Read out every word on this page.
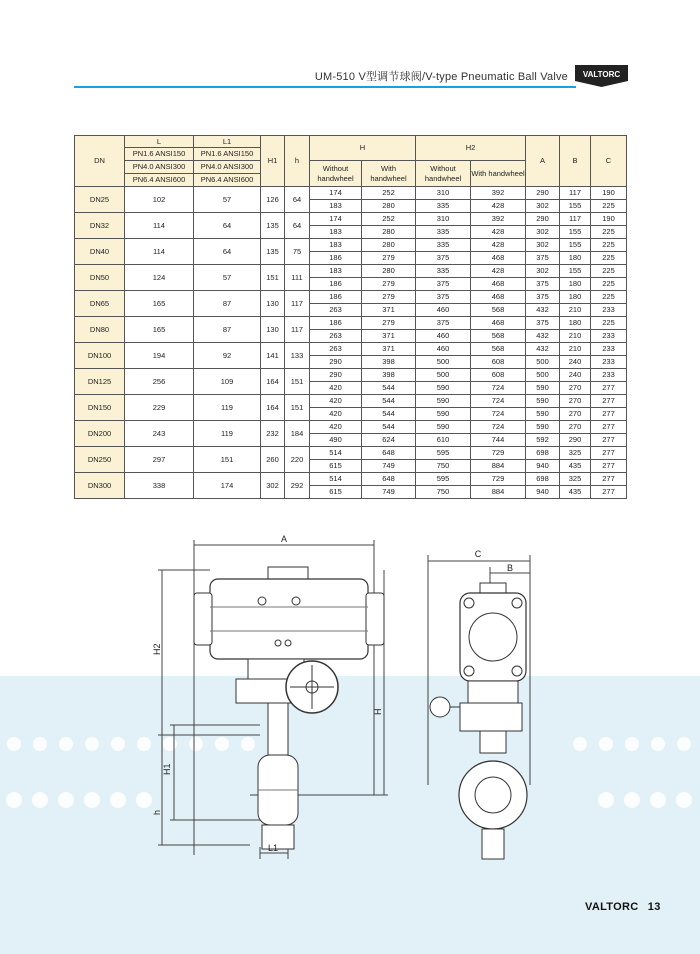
UM-510 V型调节球阀/V-type Pneumatic Ball Valve VALTORC
DN	L	L1	H1	h	H		H2		A	B	C
	PN1.6 ANSI150	PN1.6 ANSI150									
	PN4.0 ANSI300	PN4.0 ANSI300			Without handwheel	With handwheel	Without handwheel	With handwheel			
	PN6.4 ANSI600	PN6.4 ANSI600									
DN25	102	57	126	64	174	252	310	392	290	117	190
					183	280	335	428	302	155	225
DN32	114	64	135	64	174	252	310	392	290	117	190
					183	280	335	428	302	155	225
DN40	114	64	135	75	183	280	335	428	302	155	225
					186	279	375	468	375	180	225
DN50	124	57	151	111	183	280	335	428	302	155	225
					186	279	375	468	375	180	225
DN65	165	87	130	117	186	279	375	468	375	180	225
					263	371	460	568	432	210	233
DN80	165	87	130	117	186	279	375	468	375	180	225
					263	371	460	568	432	210	233
DN100	194	92	141	133	263	371	460	568	432	210	233
					290	398	500	608	500	240	233
DN125	256	109	164	151	290	398	500	608	500	240	233
					420	544	590	724	590	270	277
DN150	229	119	164	151	420	544	590	724	590	270	277
					420	544	590	724	590	270	277
DN200	243	119	232	184	420	544	590	724	590	270	277
					490	624	610	744	592	290	277
DN250	297	151	260	220	514	648	595	729	698	325	277
					615	749	750	884	940	435	277
DN300	338	174	302	292	514	648	595	729	698	325	277
					615	749	750	884	940	435	277
A
H2
H
H1
h
L1
C
B
VALTORC 13
